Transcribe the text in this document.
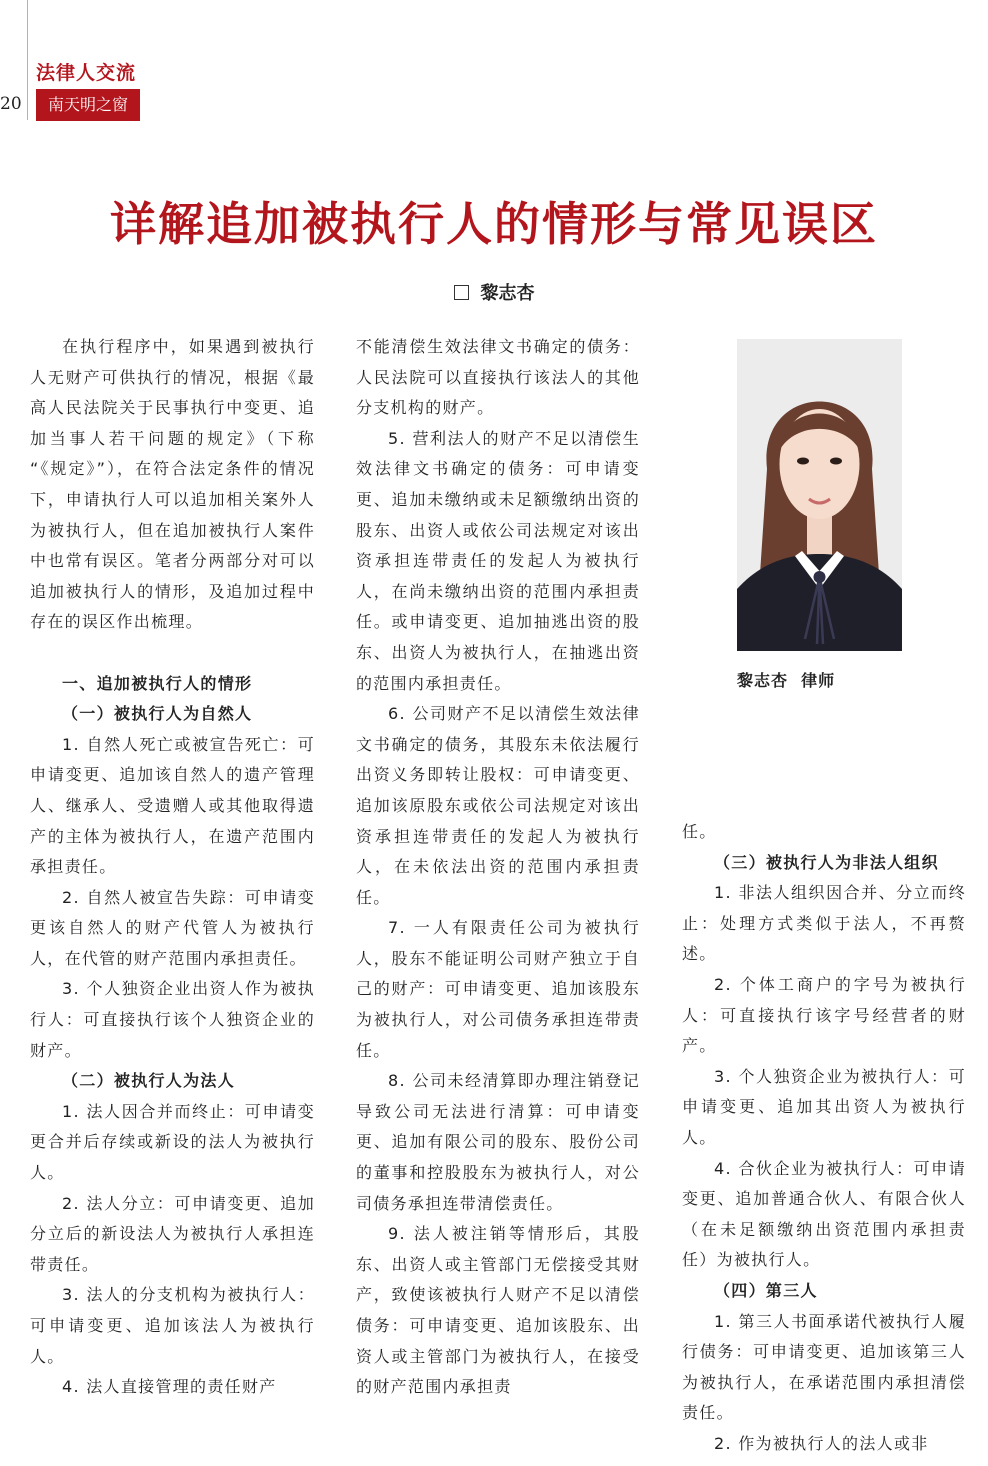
20
法律人交流
南天明之窗
详解追加被执行人的情形与常见误区
黎志杏

在执行程序中，如果遇到被执行人无财产可供执行的情况，根据《最高人民法院关于民事执行中变更、追加当事人若干问题的规定》（下称 “《规定》”），在符合法定条件的情况下，申请执行人可以追加相关案外人为被执行人，但在追加被执行人案件中也常有误区。笔者分两部分对可以追加被执行人的情形，及追加过程中存在的误区作出梳理。

一、追加被执行人的情形

（一）被执行人为自然人

1. 自然人死亡或被宣告死亡：可申请变更、追加该自然人的遗产管理人、继承人、受遗赠人或其他取得遗产的主体为被执行人，在遗产范围内承担责任。

2. 自然人被宣告失踪：可申请变更该自然人的财产代管人为被执行人，在代管的财产范围内承担责任。

3. 个人独资企业出资人作为被执行人：可直接执行该个人独资企业的财产。

（二）被执行人为法人

1. 法人因合并而终止：可申请变更合并后存续或新设的法人为被执行人。

2. 法人分立：可申请变更、追加分立后的新设法人为被执行人承担连带责任。

3. 法人的分支机构为被执行人：可申请变更、追加该法人为被执行人。

4. 法人直接管理的责任财产

不能清偿生效法律文书确定的债务：人民法院可以直接执行该法人的其他分支机构的财产。

5. 营利法人的财产不足以清偿生效法律文书确定的债务：可申请变更、追加未缴纳或未足额缴纳出资的股东、出资人或依公司法规定对该出资承担连带责任的发起人为被执行人，在尚未缴纳出资的范围内承担责任。或申请变更、追加抽逃出资的股东、出资人为被执行人，在抽逃出资的范围内承担责任。

6. 公司财产不足以清偿生效法律文书确定的债务，其股东未依法履行出资义务即转让股权：可申请变更、追加该原股东或依公司法规定对该出资承担连带责任的发起人为被执行人，在未依法出资的范围内承担责任。

7. 一人有限责任公司为被执行人，股东不能证明公司财产独立于自己的财产：可申请变更、追加该股东为被执行人，对公司债务承担连带责任。

8. 公司未经清算即办理注销登记导致公司无法进行清算：可申请变更、追加有限公司的股东、股份公司的董事和控股股东为被执行人，对公司债务承担连带清偿责任。

9. 法人被注销等情形后，其股东、出资人或主管部门无偿接受其财产，致使该被执行人财产不足以清偿债务：可申请变更、追加该股东、出资人或主管部门为被执行人，在接受的财产范围内承担责

黎志杏  律师

任。

（三）被执行人为非法人组织

1. 非法人组织因合并、分立而终止：处理方式类似于法人，不再赘述。

2. 个体工商户的字号为被执行人：可直接执行该字号经营者的财产。

3. 个人独资企业为被执行人：可申请变更、追加其出资人为被执行人。

4. 合伙企业为被执行人：可申请变更、追加普通合伙人、有限合伙人（在未足额缴纳出资范围内承担责任）为被执行人。

（四）第三人

1. 第三人书面承诺代被执行人履行债务：可申请变更、追加该第三人为被执行人，在承诺范围内承担清偿责任。

2. 作为被执行人的法人或非
